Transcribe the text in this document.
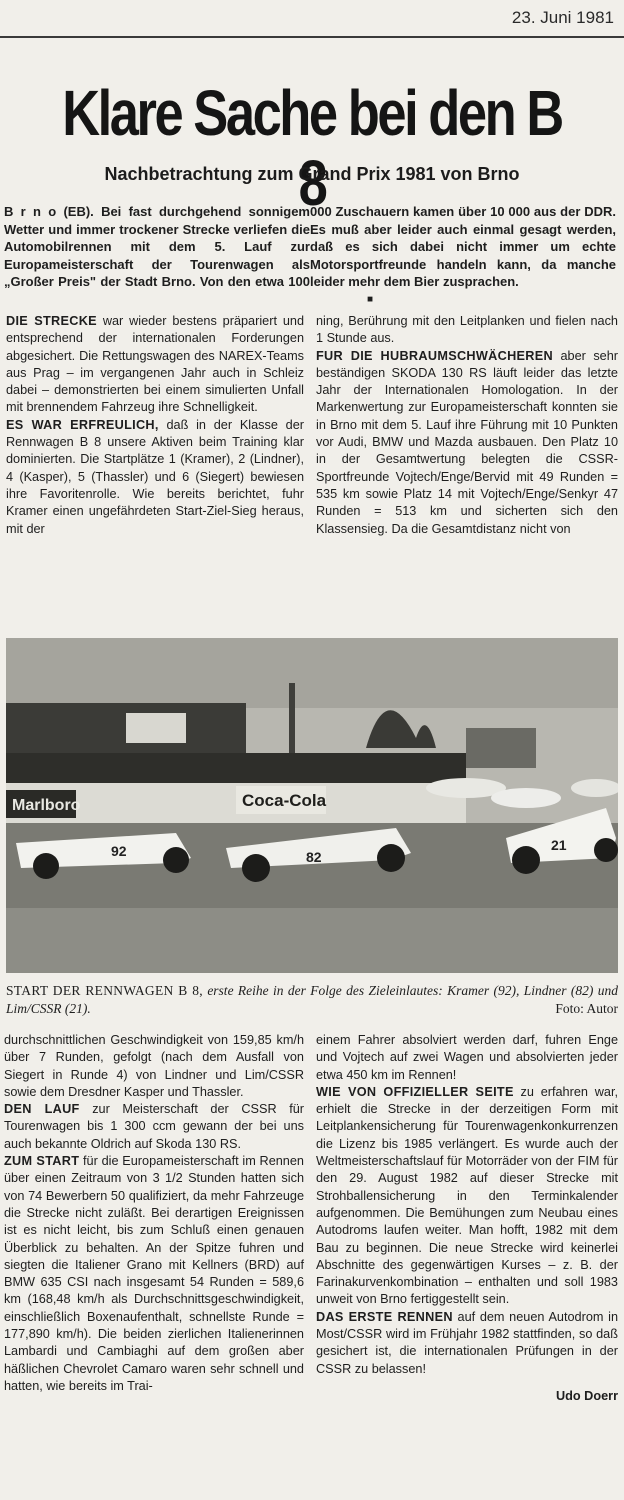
23. Juni 1981
Klare Sache bei den B 8
Nachbetrachtung zum Grand Prix 1981 von Brno

B r n o (EB). Bei fast durchgehend sonnigem Wetter und immer trockener Strecke verliefen die Automobilrennen mit dem 5. Lauf zur Europameisterschaft der Tourenwagen als „Großer Preis" der Stadt Brno. Von den etwa 100 000 Zuschauern kamen über 10 000 aus der DDR. Es muß aber leider auch einmal gesagt werden, daß es sich dabei nicht immer um echte Motorsportfreunde handeln kann, da manche leider mehr dem Bier zusprachen.

■

DIE STRECKE war wieder bestens präpariert und entsprechend der internationalen Forderungen abgesichert. Die Rettungswagen des NAREX-Teams aus Prag – im vergangenen Jahr auch in Schleiz dabei – demonstrierten bei einem simulierten Unfall mit brennendem Fahrzeug ihre Schnelligkeit.

ES WAR ERFREULICH, daß in der Klasse der Rennwagen B 8 unsere Aktiven beim Training klar dominierten. Die Startplätze 1 (Kramer), 2 (Lindner), 4 (Kasper), 5 (Thassler) und 6 (Siegert) bewiesen ihre Favoritenrolle. Wie bereits berichtet, fuhr Kramer einen ungefährdeten Start-Ziel-Sieg heraus, mit der

ning, Berührung mit den Leitplanken und fielen nach 1 Stunde aus.

FUR DIE HUBRAUMSCHWÄCHEREN aber sehr beständigen SKODA 130 RS läuft leider das letzte Jahr der Internationalen Homologation. In der Markenwertung zur Europameisterschaft konnten sie in Brno mit dem 5. Lauf ihre Führung mit 10 Punkten vor Audi, BMW und Mazda ausbauen. Den Platz 10 in der Gesamtwertung belegten die CSSR-Sportfreunde Vojtech/Enge/Bervid mit 49 Runden = 535 km sowie Platz 14 mit Vojtech/Enge/Senkyr 47 Runden = 513 km und sicherten sich den Klassensieg. Da die Gesamtdistanz nicht von

Marlboro	Coca-Cola
92	82
21
START DER RENNWAGEN B 8, erste Reihe in der Folge des Zieleinlautes: Kramer (92), Lindner (82) und Lim/CSSR (21).	Foto: Autor

durchschnittlichen Geschwindigkeit von 159,85 km/h über 7 Runden, gefolgt (nach dem Ausfall von Siegert in Runde 4) von Lindner und Lim/CSSR sowie dem Dresdner Kasper und Thassler.

DEN LAUF zur Meisterschaft der CSSR für Tourenwagen bis 1 300 ccm gewann der bei uns auch bekannte Oldrich auf Skoda 130 RS.

ZUM START für die Europameisterschaft im Rennen über einen Zeitraum von 3 1/2 Stunden hatten sich von 74 Bewerbern 50 qualifiziert, da mehr Fahrzeuge die Strecke nicht zuläßt. Bei derartigen Ereignissen ist es nicht leicht, bis zum Schluß einen genauen Überblick zu behalten. An der Spitze fuhren und siegten die Italiener Grano mit Kellners (BRD) auf BMW 635 CSI nach insgesamt 54 Runden = 589,6 km (168,48 km/h als Durchschnittsgeschwindigkeit, einschließlich Boxenaufenthalt, schnellste Runde = 177,890 km/h). Die beiden zierlichen Italienerinnen Lambardi und Cambiaghi auf dem großen aber häßlichen Chevrolet Camaro waren sehr schnell und hatten, wie bereits im Trai-

einem Fahrer absolviert werden darf, fuhren Enge und Vojtech auf zwei Wagen und absolvierten jeder etwa 450 km im Rennen!

WIE VON OFFIZIELLER SEITE zu erfahren war, erhielt die Strecke in der derzeitigen Form mit Leitplankensicherung für Tourenwagenkonkurrenzen die Lizenz bis 1985 verlängert. Es wurde auch der Weltmeisterschaftslauf für Motorräder von der FIM für den 29. August 1982 auf dieser Strecke mit Strohballensicherung in den Terminkalender aufgenommen. Die Bemühungen zum Neubau eines Autodroms laufen weiter. Man hofft, 1982 mit dem Bau zu beginnen. Die neue Strecke wird keinerlei Abschnitte des gegenwärtigen Kurses – z. B. der Farinakurvenkombination – enthalten und soll 1983 unweit von Brno fertiggestellt sein.

DAS ERSTE RENNEN auf dem neuen Autodrom in Most/CSSR wird im Frühjahr 1982 stattfinden, so daß gesichert ist, die internationalen Prüfungen in der CSSR zu belassen!

Udo Doerr
